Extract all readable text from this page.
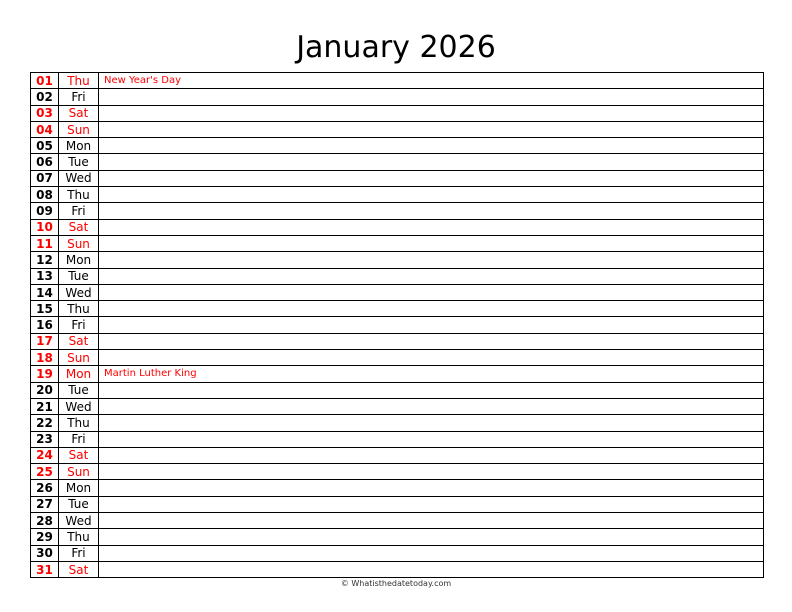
January 2026
01	Thu	New Year's Day
02	Fri	
03	Sat	
04	Sun	
05	Mon	
06	Tue	
07	Wed	
08	Thu	
09	Fri	
10	Sat	
11	Sun	
12	Mon	
13	Tue	
14	Wed	
15	Thu	
16	Fri	
17	Sat	
18	Sun	
19	Mon	Martin Luther King
20	Tue	
21	Wed	
22	Thu	
23	Fri	
24	Sat	
25	Sun	
26	Mon	
27	Tue	
28	Wed	
29	Thu	
30	Fri	
31	Sat	
© Whatisthedatetoday.com
